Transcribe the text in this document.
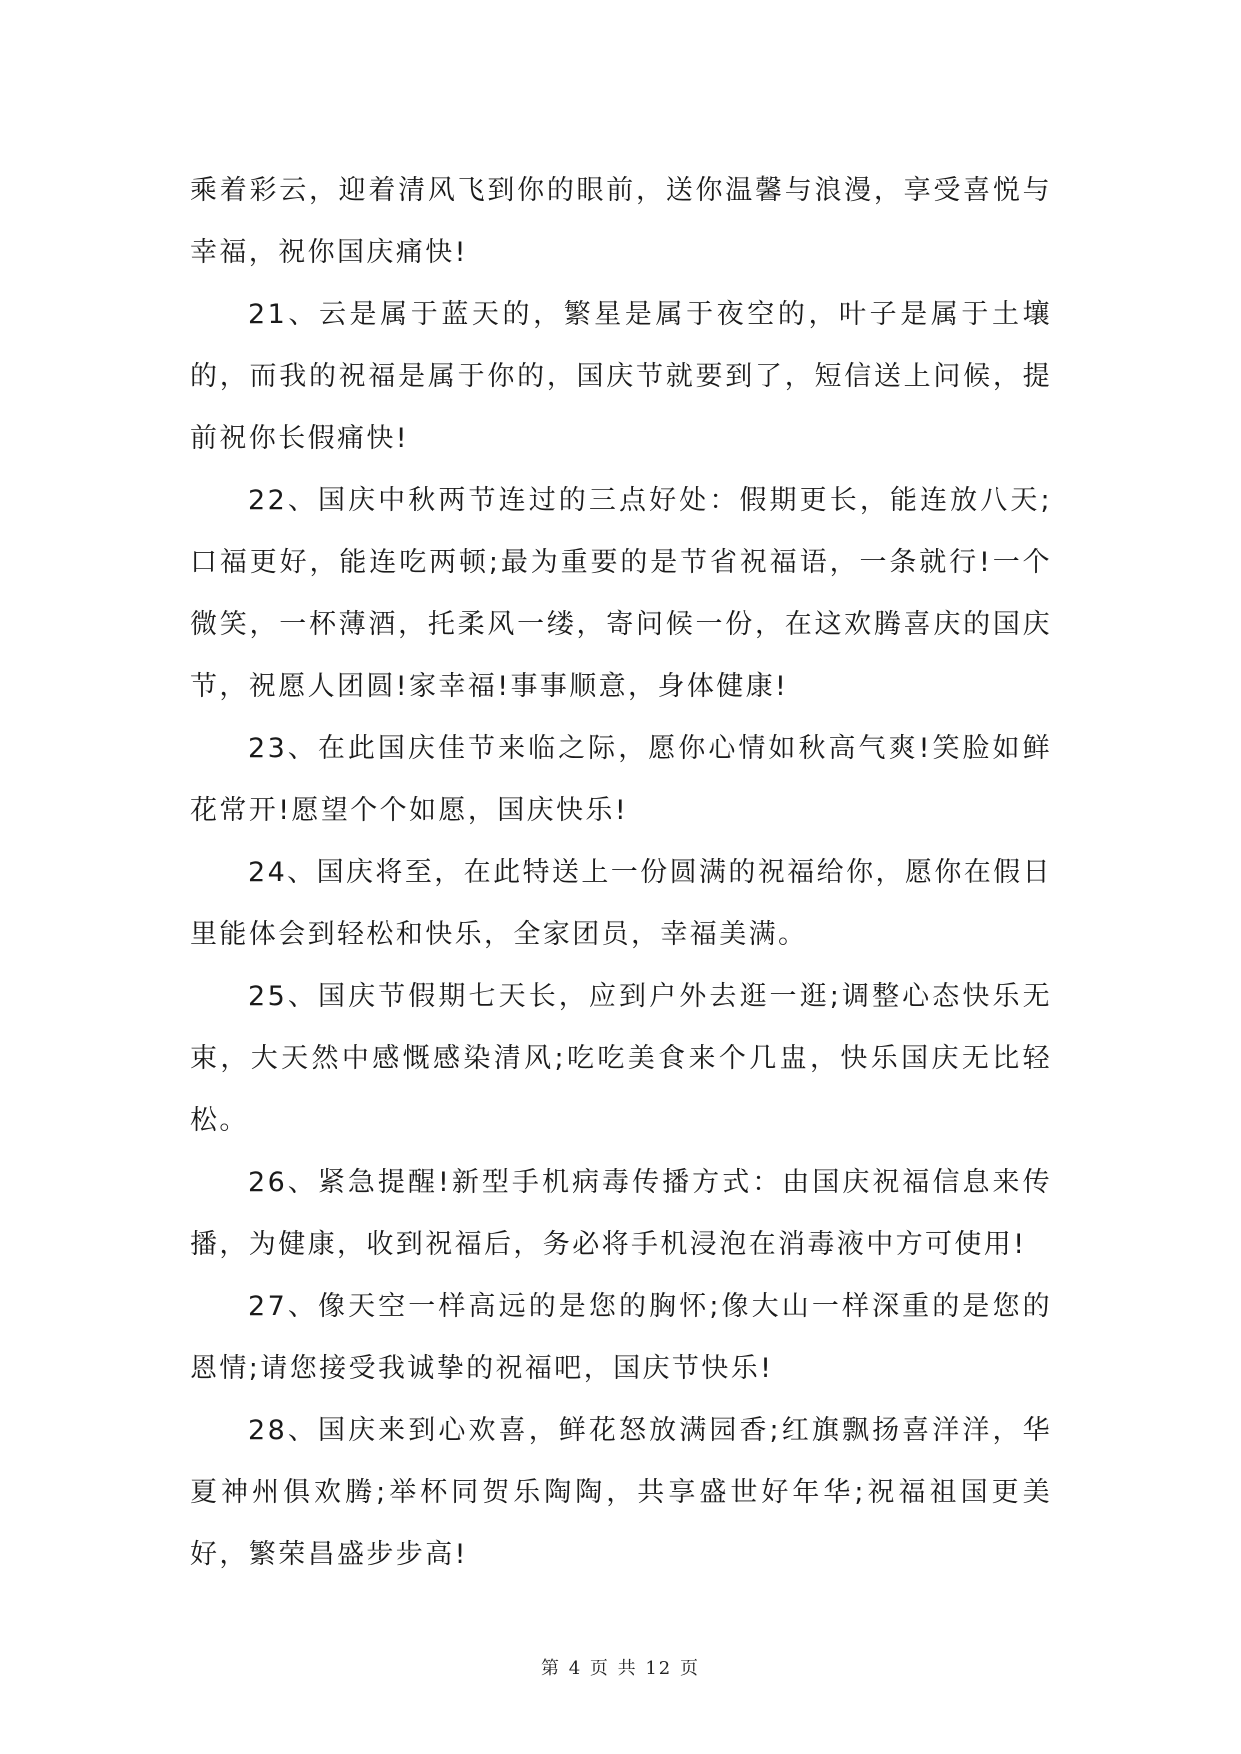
乘着彩云，迎着清风飞到你的眼前，送你温馨与浪漫，享受喜悦与幸福，祝你国庆痛快!

21、云是属于蓝天的，繁星是属于夜空的，叶子是属于土壤的，而我的祝福是属于你的，国庆节就要到了，短信送上问候，提前祝你长假痛快!

22、国庆中秋两节连过的三点好处：假期更长，能连放八天;口福更好，能连吃两顿;最为重要的是节省祝福语，一条就行!一个微笑，一杯薄酒，托柔风一缕，寄问候一份，在这欢腾喜庆的国庆节，祝愿人团圆!家幸福!事事顺意，身体健康!

23、在此国庆佳节来临之际，愿你心情如秋高气爽!笑脸如鲜花常开!愿望个个如愿，国庆快乐!

24、国庆将至，在此特送上一份圆满的祝福给你，愿你在假日里能体会到轻松和快乐，全家团员，幸福美满。

25、国庆节假期七天长，应到户外去逛一逛;调整心态快乐无束，大天然中感慨感染清风;吃吃美食来个几盅，快乐国庆无比轻松。

26、紧急提醒!新型手机病毒传播方式：由国庆祝福信息来传播，为健康，收到祝福后，务必将手机浸泡在消毒液中方可使用!

27、像天空一样高远的是您的胸怀;像大山一样深重的是您的恩情;请您接受我诚挚的祝福吧，国庆节快乐!

28、国庆来到心欢喜，鲜花怒放满园香;红旗飘扬喜洋洋，华夏神州俱欢腾;举杯同贺乐陶陶，共享盛世好年华;祝福祖国更美好，繁荣昌盛步步高!

第 4 页 共 12 页
